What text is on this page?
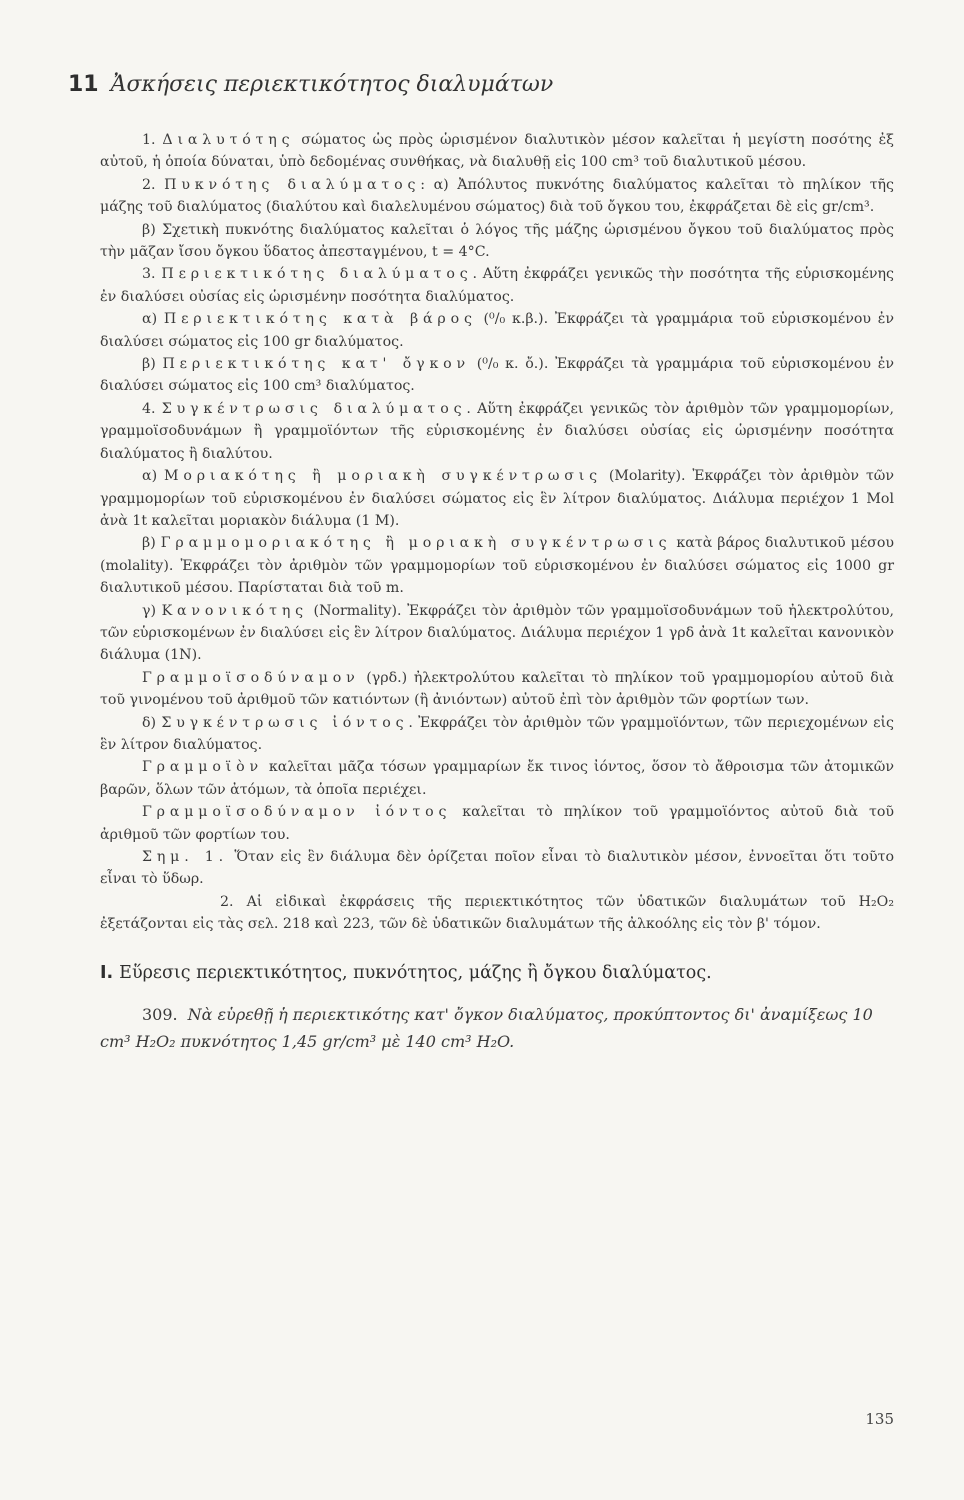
11 Ἀσκήσεις περιεκτικότητος διαλυμάτων

1. Διαλυτότης σώματος ὡς πρὸς ὡρισμένον διαλυτικὸν μέσον καλεῖται ἡ μεγίστη ποσότης ἐξ αὐτοῦ, ἡ ὁποία δύναται, ὑπὸ δεδομένας συνθήκας, νὰ διαλυθῇ εἰς 100 cm³ τοῦ διαλυτικοῦ μέσου.

2. Πυκνότης διαλύματος: α) Ἀπόλυτος πυκνότης διαλύματος καλεῖται τὸ πηλίκον τῆς μάζης τοῦ διαλύματος (διαλύτου καὶ διαλελυμένου σώματος) διὰ τοῦ ὄγκου του, ἐκφράζεται δὲ εἰς gr/cm³.

β) Σχετικὴ πυκνότης διαλύματος καλεῖται ὁ λόγος τῆς μάζης ὡρισμένου ὄγκου τοῦ διαλύματος πρὸς τὴν μᾶζαν ἴσου ὄγκου ὕδατος ἀπεσταγμένου, t = 4°C.

3. Περιεκτικότης διαλύματος. Αὕτη ἐκφράζει γενικῶς τὴν ποσότητα τῆς εὑρισκομένης ἐν διαλύσει οὐσίας εἰς ὡρισμένην ποσότητα διαλύματος.

α) Περιεκτικότης κατὰ βάρος (⁰/₀ κ.β.). Ἐκφράζει τὰ γραμμάρια τοῦ εὑρισκομένου ἐν διαλύσει σώματος εἰς 100 gr διαλύματος.

β) Περιεκτικότης κατ' ὄγκον (⁰/₀ κ. ὄ.). Ἐκφράζει τὰ γραμμάρια τοῦ εὑρισκομένου ἐν διαλύσει σώματος εἰς 100 cm³ διαλύματος.

4. Συγκέντρωσις διαλύματος. Αὕτη ἐκφράζει γενικῶς τὸν ἀριθμὸν τῶν γραμμομορίων, γραμμοϊσοδυνάμων ἢ γραμμοϊόντων τῆς εὑρισκομένης ἐν διαλύσει οὐσίας εἰς ὡρισμένην ποσότητα διαλύματος ἢ διαλύτου.

α) Μοριακότης ἢ μοριακὴ συγκέντρωσις (Molarity). Ἐκφράζει τὸν ἀριθμὸν τῶν γραμμομορίων τοῦ εὑρισκομένου ἐν διαλύσει σώματος εἰς ἓν λίτρον διαλύματος. Διάλυμα περιέχον 1 Mol ἀνὰ 1t καλεῖται μοριακὸν διάλυμα (1 M).

β) Γραμμομοριακότης ἢ μοριακὴ συγκέντρωσις κατὰ βάρος διαλυτικοῦ μέσου (molality). Ἐκφράζει τὸν ἀριθμὸν τῶν γραμμομορίων τοῦ εὑρισκομένου ἐν διαλύσει σώματος εἰς 1000 gr διαλυτικοῦ μέσου. Παρίσταται διὰ τοῦ m.

γ) Κανονικότης (Normality). Ἐκφράζει τὸν ἀριθμὸν τῶν γραμμοϊσοδυνάμων τοῦ ἠλεκτρολύτου, τῶν εὑρισκομένων ἐν διαλύσει εἰς ἓν λίτρον διαλύματος. Διάλυμα περιέχον 1 γρδ ἀνὰ 1t καλεῖται κανονικὸν διάλυμα (1N).

Γραμμοϊσοδύναμον (γρδ.) ἠλεκτρολύτου καλεῖται τὸ πηλίκον τοῦ γραμμομορίου αὐτοῦ διὰ τοῦ γινομένου τοῦ ἀριθμοῦ τῶν κατιόντων (ἢ ἀνιόντων) αὐτοῦ ἐπὶ τὸν ἀριθμὸν τῶν φορτίων των.

δ) Συγκέντρωσις ἰόντος. Ἐκφράζει τὸν ἀριθμὸν τῶν γραμμοϊόντων, τῶν περιεχομένων εἰς ἓν λίτρον διαλύματος.

Γραμμοϊὸν καλεῖται μᾶζα τόσων γραμμαρίων ἔκ τινος ἰόντος, ὅσον τὸ ἄθροισμα τῶν ἀτομικῶν βαρῶν, ὅλων τῶν ἀτόμων, τὰ ὁποῖα περιέχει.

Γραμμοϊσοδύναμον ἰόντος καλεῖται τὸ πηλίκον τοῦ γραμμοϊόντος αὐτοῦ διὰ τοῦ ἀριθμοῦ τῶν φορτίων του.

Σημ. 1. Ὅταν εἰς ἓν διάλυμα δὲν ὁρίζεται ποῖον εἶναι τὸ διαλυτικὸν μέσον, ἐννοεῖται ὅτι τοῦτο εἶναι τὸ ὕδωρ.

2. Αἱ εἰδικαὶ ἐκφράσεις τῆς περιεκτικότητος τῶν ὑδατικῶν διαλυμάτων τοῦ H₂O₂ ἐξετάζονται εἰς τὰς σελ. 218 καὶ 223, τῶν δὲ ὑδατικῶν διαλυμάτων τῆς ἀλκοόλης εἰς τὸν β' τόμον.

I. Εὕρεσις περιεκτικότητος, πυκνότητος, μάζης ἢ ὄγκου διαλύματος.
309. Νὰ εὑρεθῇ ἡ περιεκτικότης κατ' ὄγκον διαλύματος, προκύπτοντος δι' ἀναμίξεως 10 cm³ H₂O₂ πυκνότητος 1,45 gr/cm³ μὲ 140 cm³ H₂O.
135
